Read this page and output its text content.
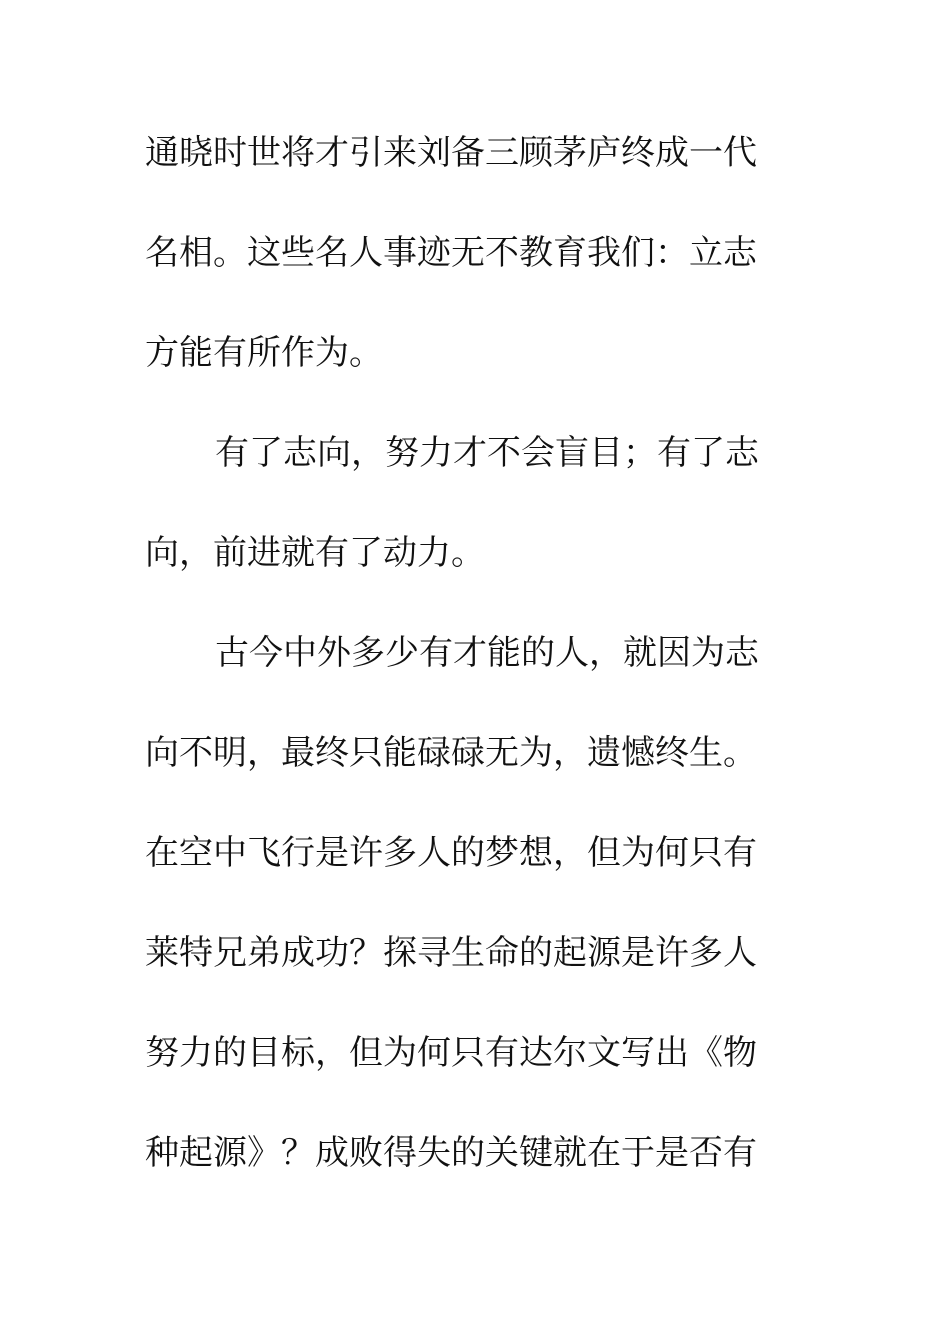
通晓时世将才引来刘备三顾茅庐终成一代
名相。这些名人事迹无不教育我们：立志
方能有所作为。
有了志向，努力才不会盲目；有了志
向，前进就有了动力。
古今中外多少有才能的人，就因为志
向不明，最终只能碌碌无为，遗憾终生。
在空中飞行是许多人的梦想，但为何只有
莱特兄弟成功？探寻生命的起源是许多人
努力的目标，但为何只有达尔文写出《物
种起源》？成败得失的关键就在于是否有
